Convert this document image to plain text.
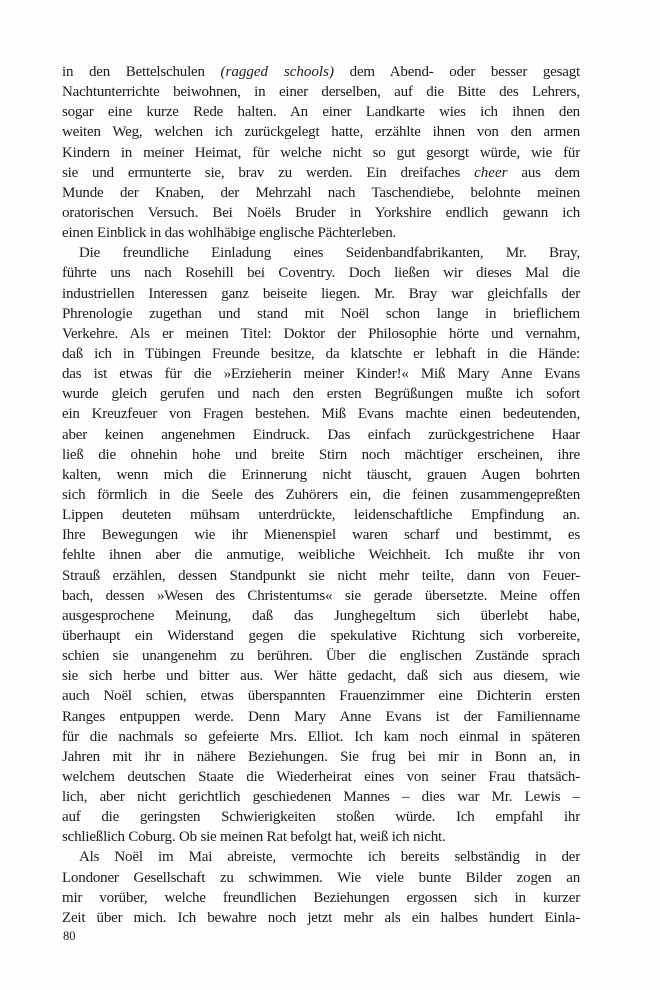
in den Bettelschulen (ragged schools) dem Abend- oder besser gesagt
Nachtunterrichte beiwohnen, in einer derselben, auf die Bitte des Lehrers,
sogar eine kurze Rede halten. An einer Landkarte wies ich ihnen den
weiten Weg, welchen ich zurückgelegt hatte, erzählte ihnen von den armen
Kindern in meiner Heimat, für welche nicht so gut gesorgt würde, wie für
sie und ermunterte sie, brav zu werden. Ein dreifaches cheer aus dem
Munde der Knaben, der Mehrzahl nach Taschendiebe, belohnte meinen
oratorischen Versuch. Bei Noëls Bruder in Yorkshire endlich gewann ich
einen Einblick in das wohlhäbige englische Pächterleben.
Die freundliche Einladung eines Seidenbandfabrikanten, Mr. Bray,
führte uns nach Rosehill bei Coventry. Doch ließen wir dieses Mal die
industriellen Interessen ganz beiseite liegen. Mr. Bray war gleichfalls der
Phrenologie zugethan und stand mit Noël schon lange in brieflichem
Verkehre. Als er meinen Titel: Doktor der Philosophie hörte und vernahm,
daß ich in Tübingen Freunde besitze, da klatschte er lebhaft in die Hände:
das ist etwas für die »Erzieherin meiner Kinder!« Miß Mary Anne Evans
wurde gleich gerufen und nach den ersten Begrüßungen mußte ich sofort
ein Kreuzfeuer von Fragen bestehen. Miß Evans machte einen bedeutenden,
aber keinen angenehmen Eindruck. Das einfach zurückgestrichene Haar
ließ die ohnehin hohe und breite Stirn noch mächtiger erscheinen, ihre
kalten, wenn mich die Erinnerung nicht täuscht, grauen Augen bohrten
sich förmlich in die Seele des Zuhörers ein, die feinen zusammengepreßten
Lippen deuteten mühsam unterdrückte, leidenschaftliche Empfindung an.
Ihre Bewegungen wie ihr Mienenspiel waren scharf und bestimmt, es
fehlte ihnen aber die anmutige, weibliche Weichheit. Ich mußte ihr von
Strauß erzählen, dessen Standpunkt sie nicht mehr teilte, dann von Feuer-
bach, dessen »Wesen des Christentums« sie gerade übersetzte. Meine offen
ausgesprochene Meinung, daß das Junghegeltum sich überlebt habe,
überhaupt ein Widerstand gegen die spekulative Richtung sich vorbereite,
schien sie unangenehm zu berühren. Über die englischen Zustände sprach
sie sich herbe und bitter aus. Wer hätte gedacht, daß sich aus diesem, wie
auch Noël schien, etwas überspannten Frauenzimmer eine Dichterin ersten
Ranges entpuppen werde. Denn Mary Anne Evans ist der Familienname
für die nachmals so gefeierte Mrs. Elliot. Ich kam noch einmal in späteren
Jahren mit ihr in nähere Beziehungen. Sie frug bei mir in Bonn an, in
welchem deutschen Staate die Wiederheirat eines von seiner Frau thatsäch-
lich, aber nicht gerichtlich geschiedenen Mannes – dies war Mr. Lewis –
auf die geringsten Schwierigkeiten stoßen würde. Ich empfahl ihr
schließlich Coburg. Ob sie meinen Rat befolgt hat, weiß ich nicht.
Als Noël im Mai abreiste, vermochte ich bereits selbständig in der
Londoner Gesellschaft zu schwimmen. Wie viele bunte Bilder zogen an
mir vorüber, welche freundlichen Beziehungen ergossen sich in kurzer
Zeit über mich. Ich bewahre noch jetzt mehr als ein halbes hundert Einla-
80
